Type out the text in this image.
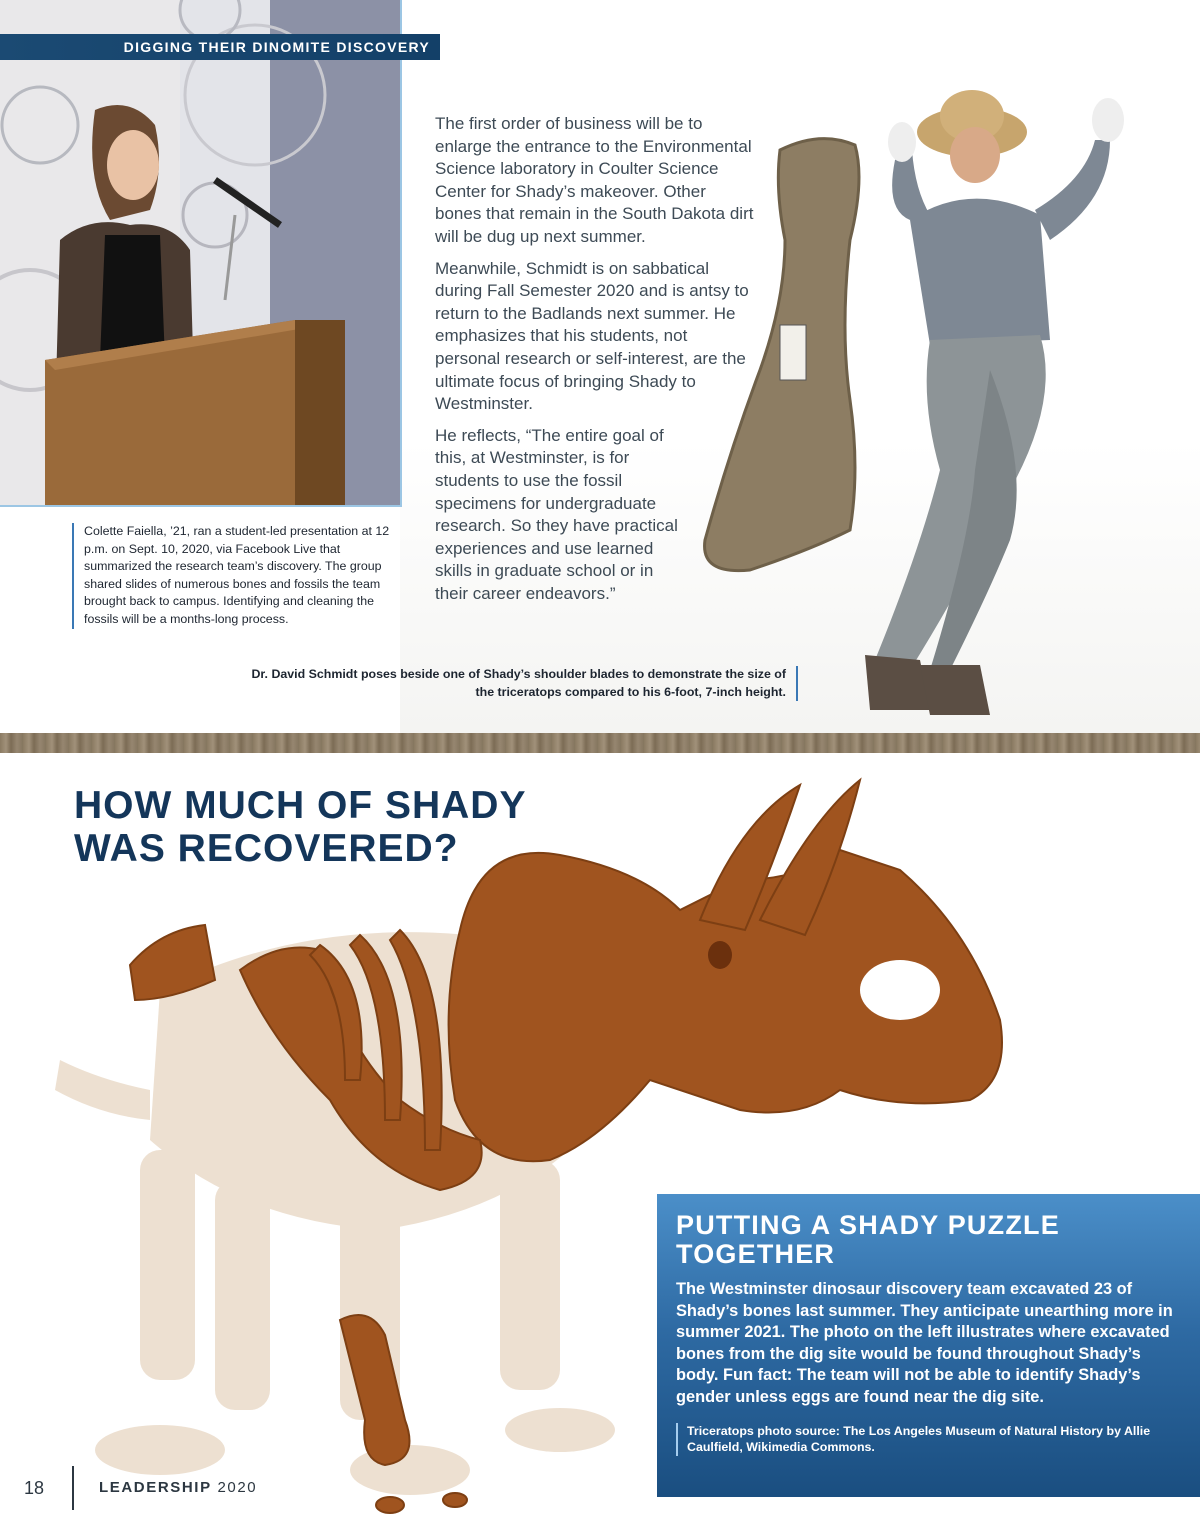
DIGGING THEIR DINOMITE DISCOVERY
Colette Faiella, ’21, ran a student-led presentation at 12 p.m. on Sept. 10, 2020, via Facebook Live that summarized the research team’s discovery. The group shared slides of numerous bones and fossils the team brought back to campus. Identifying and cleaning the fossils will be a months-long process.

The first order of business will be to enlarge the entrance to the Environmental Science laboratory in Coulter Science Center for Shady’s makeover. Other bones that remain in the South Dakota dirt will be dug up next summer.

Meanwhile, Schmidt is on sabbatical during Fall Semester 2020 and is antsy to return to the Badlands next summer. He emphasizes that his students, not personal research or self-interest, are the ultimate focus of bringing Shady to Westminster.

He reflects, “The entire goal of this, at Westminster, is for students to use the fossil specimens for undergraduate research. So they have practical experiences and use learned skills in graduate school or in their career endeavors.”

Dr. David Schmidt poses beside one of Shady’s shoulder blades to demonstrate the size of the triceratops compared to his 6-foot, 7-inch height.
HOW MUCH OF SHADY WAS RECOVERED?
PUTTING A SHADY PUZZLE TOGETHER

The Westminster dinosaur discovery team excavated 23 of Shady’s bones last summer. They anticipate unearthing more in summer 2021. The photo on the left illustrates where excavated bones from the dig site would be found throughout Shady’s body. Fun fact: The team will not be able to identify Shady’s gender unless eggs are found near the dig site.

Triceratops photo source: The Los Angeles Museum of Natural History by Allie Caulfield, Wikimedia Commons.
18	LEADERSHIP 2020
